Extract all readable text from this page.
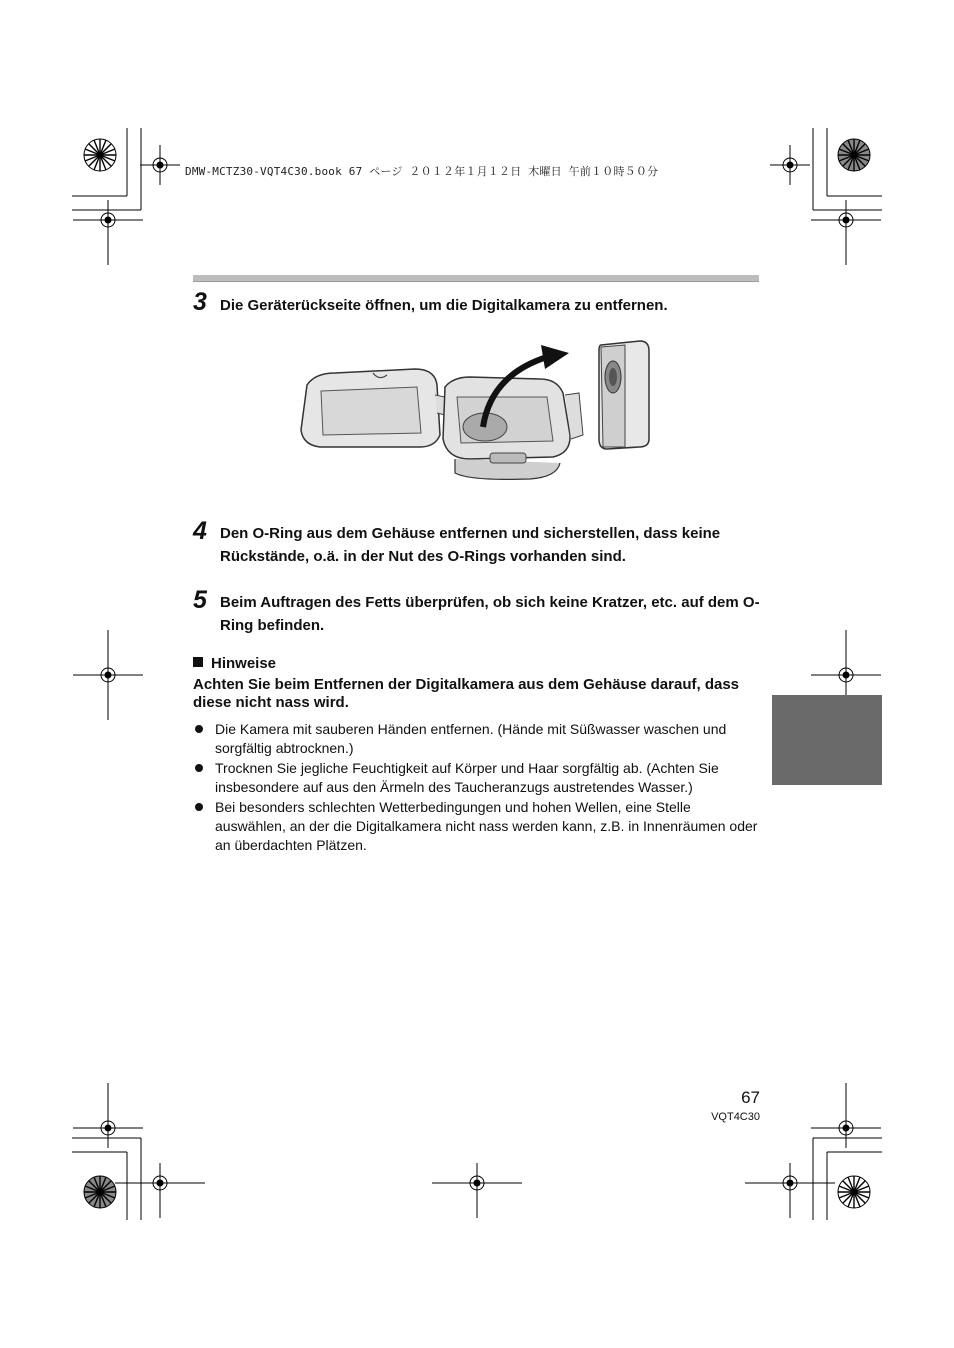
DMW-MCTZ30-VQT4C30.book 67 ページ ２０１２年１月１２日 木曜日 午前１０時５０分
3 Die Geräterückseite öffnen, um die Digitalkamera zu entfernen.
4 Den O-Ring aus dem Gehäuse entfernen und sicherstellen, dass keine Rückstände, o.ä. in der Nut des O-Rings vorhanden sind.
5 Beim Auftragen des Fetts überprüfen, ob sich keine Kratzer, etc. auf dem O-Ring befinden.
Hinweise
Achten Sie beim Entfernen der Digitalkamera aus dem Gehäuse darauf, dass diese nicht nass wird.
Die Kamera mit sauberen Händen entfernen. (Hände mit Süßwasser waschen und sorgfältig abtrocknen.)
Trocknen Sie jegliche Feuchtigkeit auf Körper und Haar sorgfältig ab. (Achten Sie insbesondere auf aus den Ärmeln des Taucheranzugs austretendes Wasser.)
Bei besonders schlechten Wetterbedingungen und hohen Wellen, eine Stelle auswählen, an der die Digitalkamera nicht nass werden kann, z.B. in Innenräumen oder an überdachten Plätzen.
67
VQT4C30
